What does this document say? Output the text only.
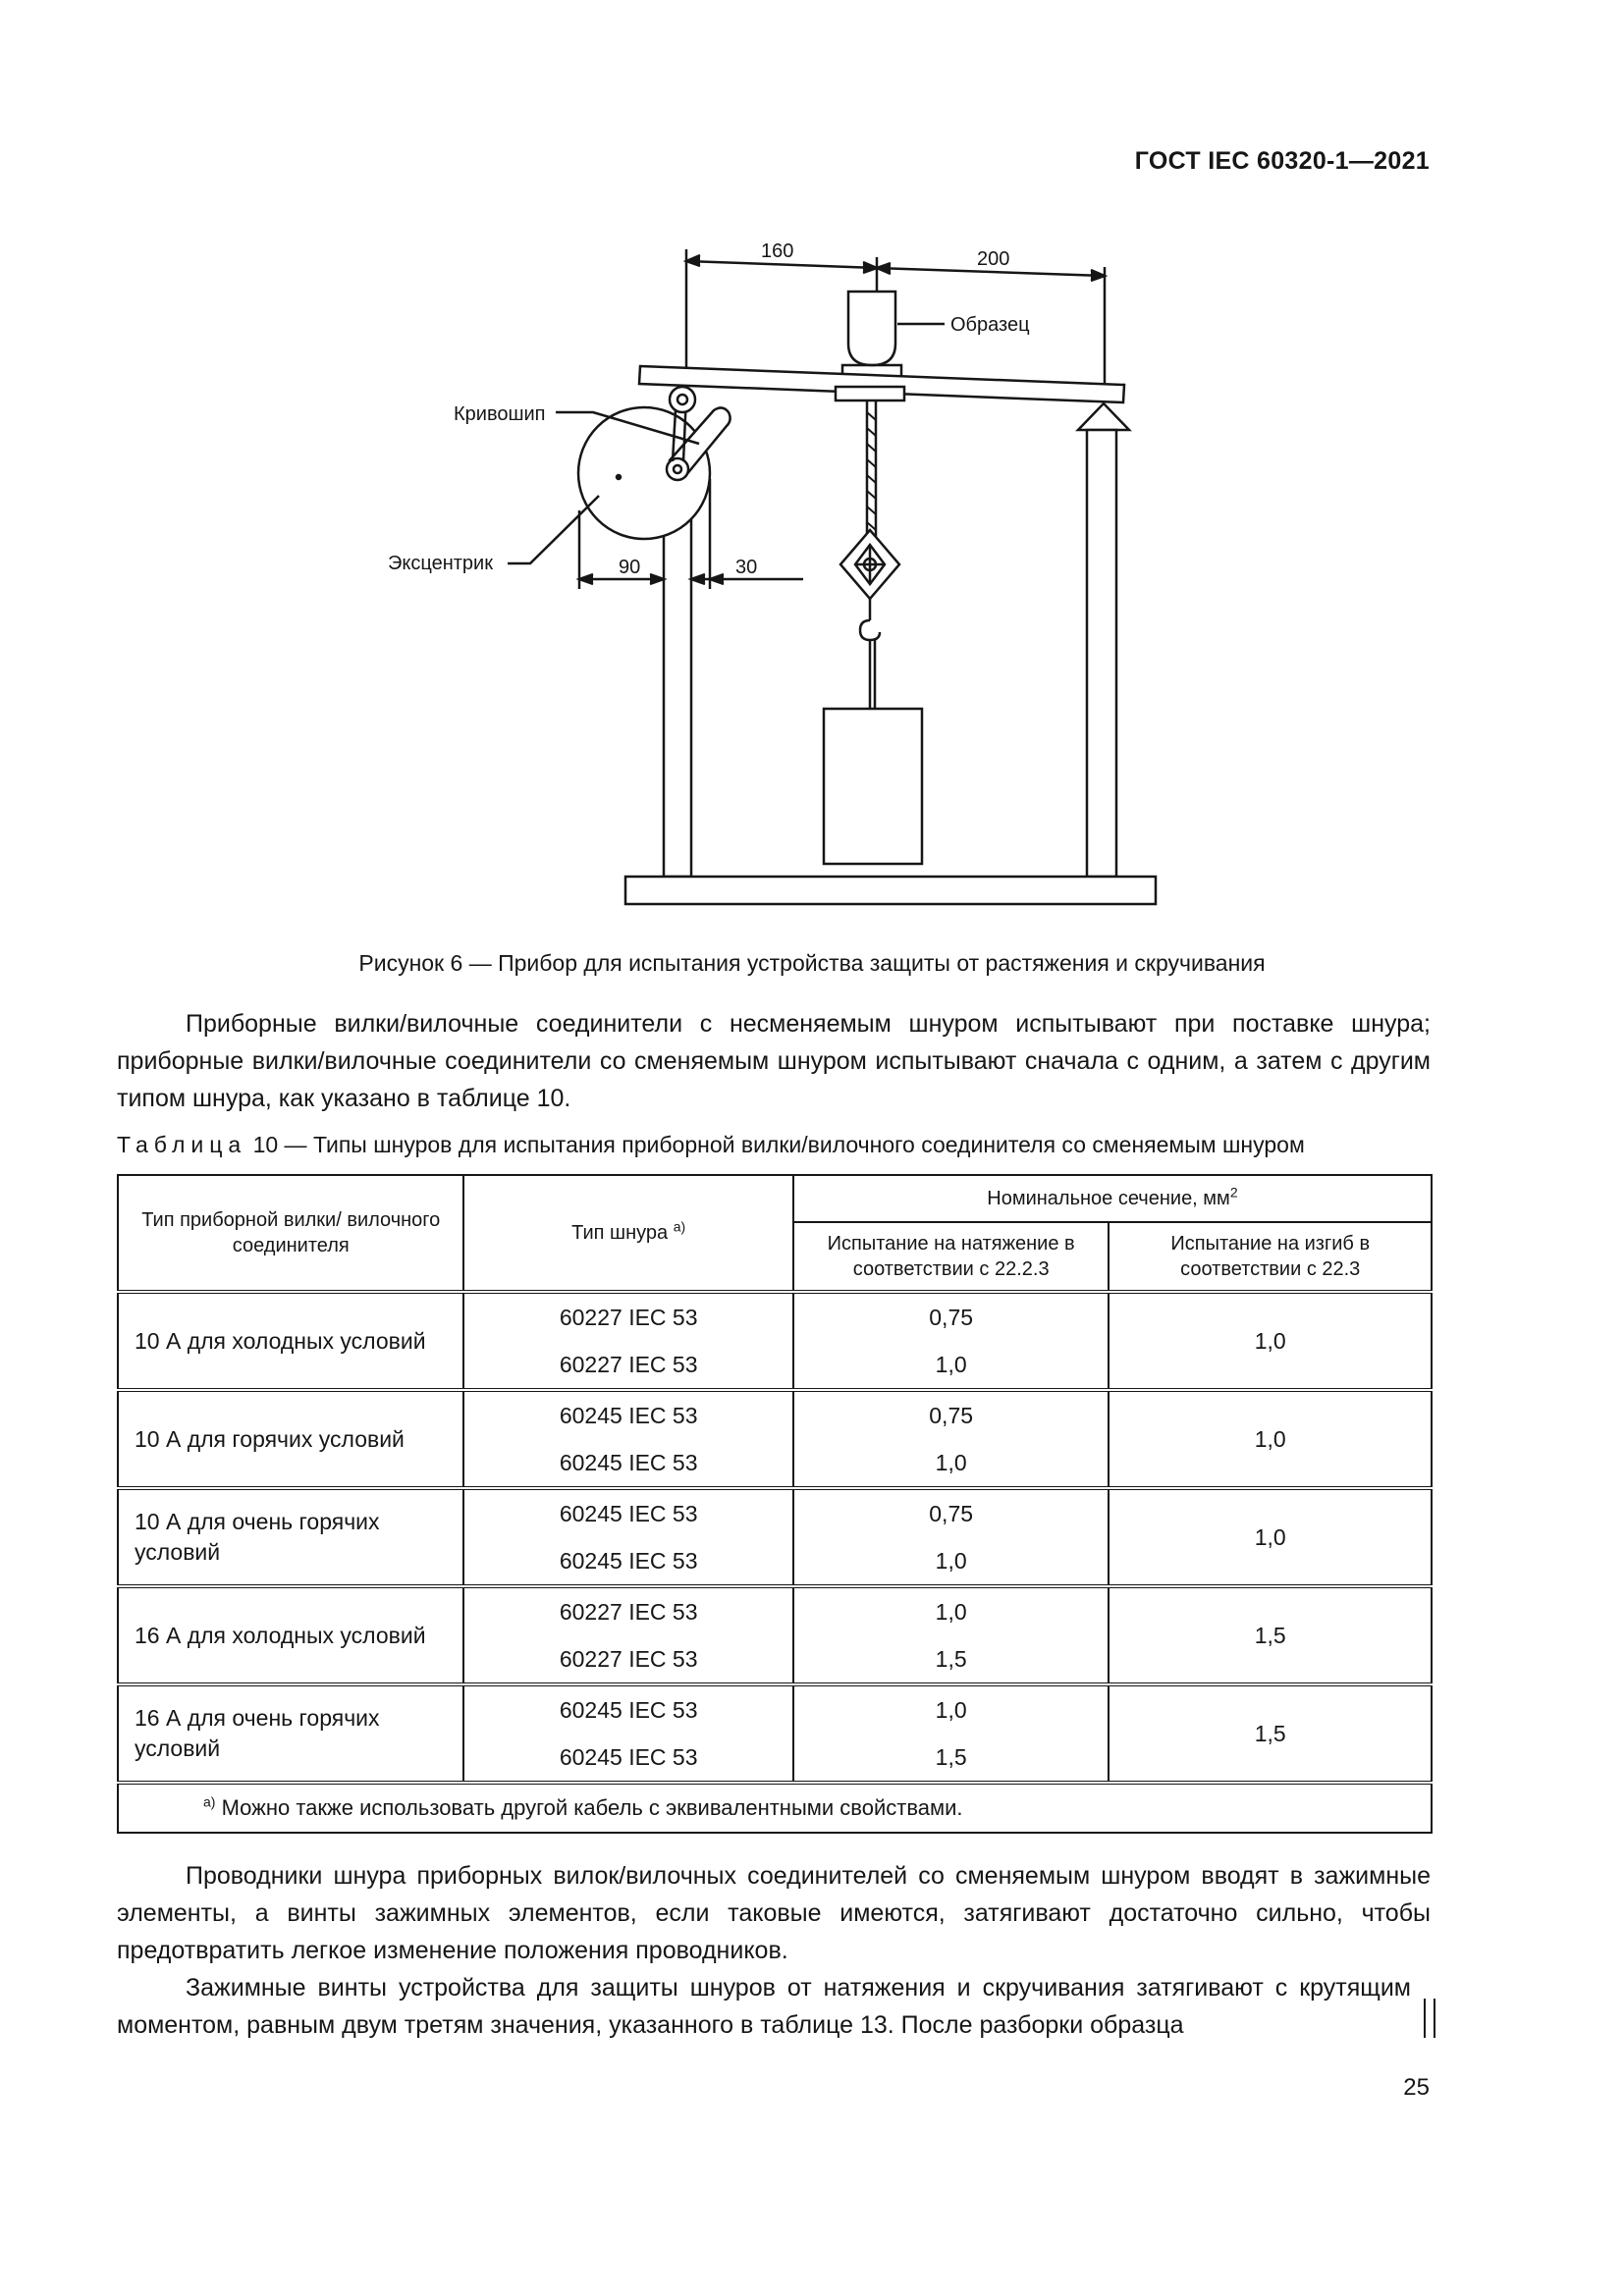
ГОСТ IEC 60320-1—2021
160	200
Образец
Кривошип
Эксцентрик	90	30
Рисунок 6 — Прибор для испытания устройства защиты от растяжения и скручивания

Приборные вилки/вилочные соединители с несменяемым шнуром испытывают при поставке шнура; приборные вилки/вилочные соединители со сменяемым шнуром испытывают сначала с одним, а затем с другим типом шнура, как указано в таблице 10.

Таблица 10 — Типы шнуров для испытания приборной вилки/вилочного соединителя со сменяемым шнуром
Тип приборной вилки/ вилочного соединителя	Тип шнура $^{а)}$	Номинальное сечение, $мм^2$
		Испытание на натяжение в соответствии с 22.2.3	Испытание на изгиб в соответствии с 22.3
10 А для холодных условий	60227 IEC 53	0,75	1,0
	60227 IEC 53	1,0	
10 А для горячих условий	60245 IEC 53	0,75	1,0
	60245 IEC 53	1,0	
10 А для очень горячих условий	60245 IEC 53	0,75	1,0
	60245 IEC 53	1,0	
16 А для холодных условий	60227 IEC 53	1,0	1,5
	60227 IEC 53	1,5	
16 А для очень горячих условий	60245 IEC 53	1,0	1,5
	60245 IEC 53	1,5	
$^{а)}$ Можно также использовать другой кабель с эквивалентными свойствами.			

Проводники шнура приборных вилок/вилочных соединителей со сменяемым шнуром вводят в зажимные элементы, а винты зажимных элементов, если таковые имеются, затягивают достаточно сильно, чтобы предотвратить легкое изменение положения проводников.

Зажимные винты устройства для защиты шнуров от натяжения и скручивания затягивают с крутящим моментом, равным двум третям значения, указанного в таблице 13. После разборки образца

25
